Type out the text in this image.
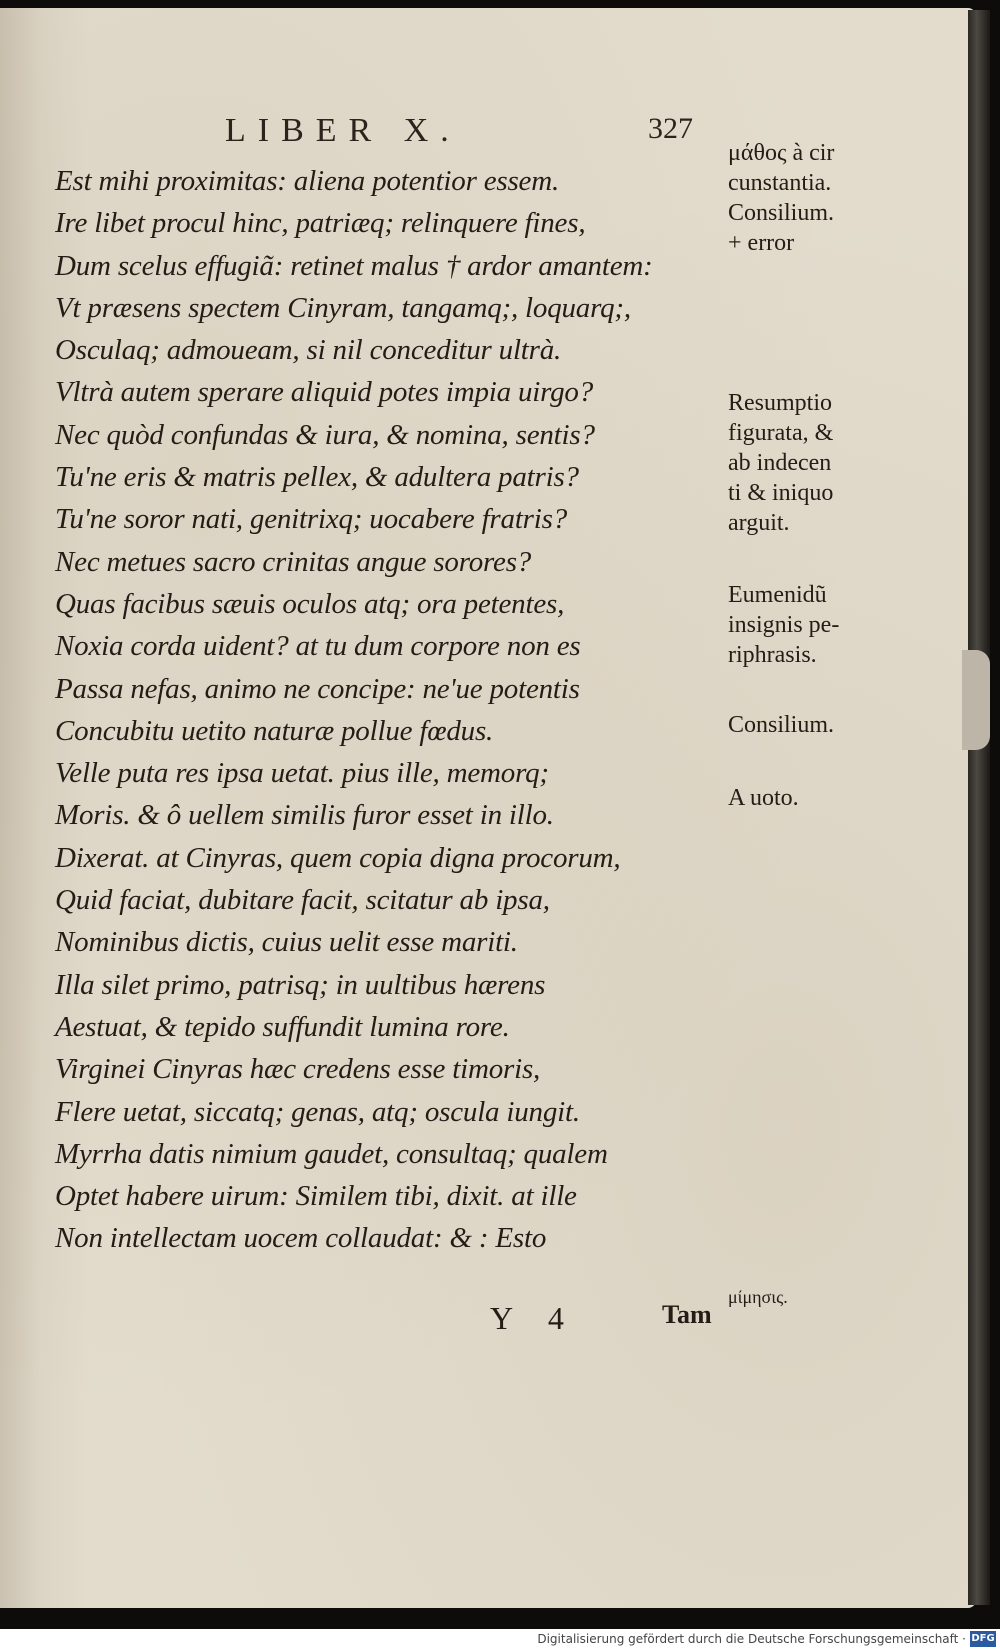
LIBER X.	327
Est mihi proximitas: aliena potentior essem.
Ire libet procul hinc, patriæq; relinquere fines,
Dum scelus effugiã: retinet malus † ardor amantem:
Vt præsens spectem Cinyram, tangamq;, loquarq;,
Osculaq; admoueam, si nil conceditur ultrà.
Vltrà autem sperare aliquid potes impia uirgo?
Nec quòd confundas & iura, & nomina, sentis?
Tu'ne eris & matris pellex, & adultera patris?
Tu'ne soror nati, genitrixq; uocabere fratris?
Nec metues sacro crinitas angue sorores?
Quas facibus sæuis oculos atq; ora petentes,
Noxia corda uident? at tu dum corpore non es
Passa nefas, animo ne concipe: ne'ue potentis
Concubitu uetito naturæ pollue fœdus.
Velle puta res ipsa uetat. pius ille, memorq;
Moris. & ô uellem similis furor esset in illo.
Dixerat. at Cinyras, quem copia digna procorum,
Quid faciat, dubitare facit, scitatur ab ipsa,
Nominibus dictis, cuius uelit esse mariti.
Illa silet primo, patrisq; in uultibus hærens
Aestuat, & tepido suffundit lumina rore.
Virginei Cinyras hæc credens esse timoris,
Flere uetat, siccatq; genas, atq; oscula iungit.
Myrrha datis nimium gaudet, consultaq; qualem
Optet habere uirum: Similem tibi, dixit. at ille
Non intellectam uocem collaudat: & : Esto
μάθος à cir
cunstantia.
Consilium.
+ error
Resumptio
figurata, &
ab indecen
ti & iniquo
arguit.
Eumenidũ
insignis pe-
riphrasis.
Consilium.
A uoto.
μίμησις.
Y 4	Tam
Digitalisierung gefördert durch die Deutsche Forschungsgemeinschaft · DFG
